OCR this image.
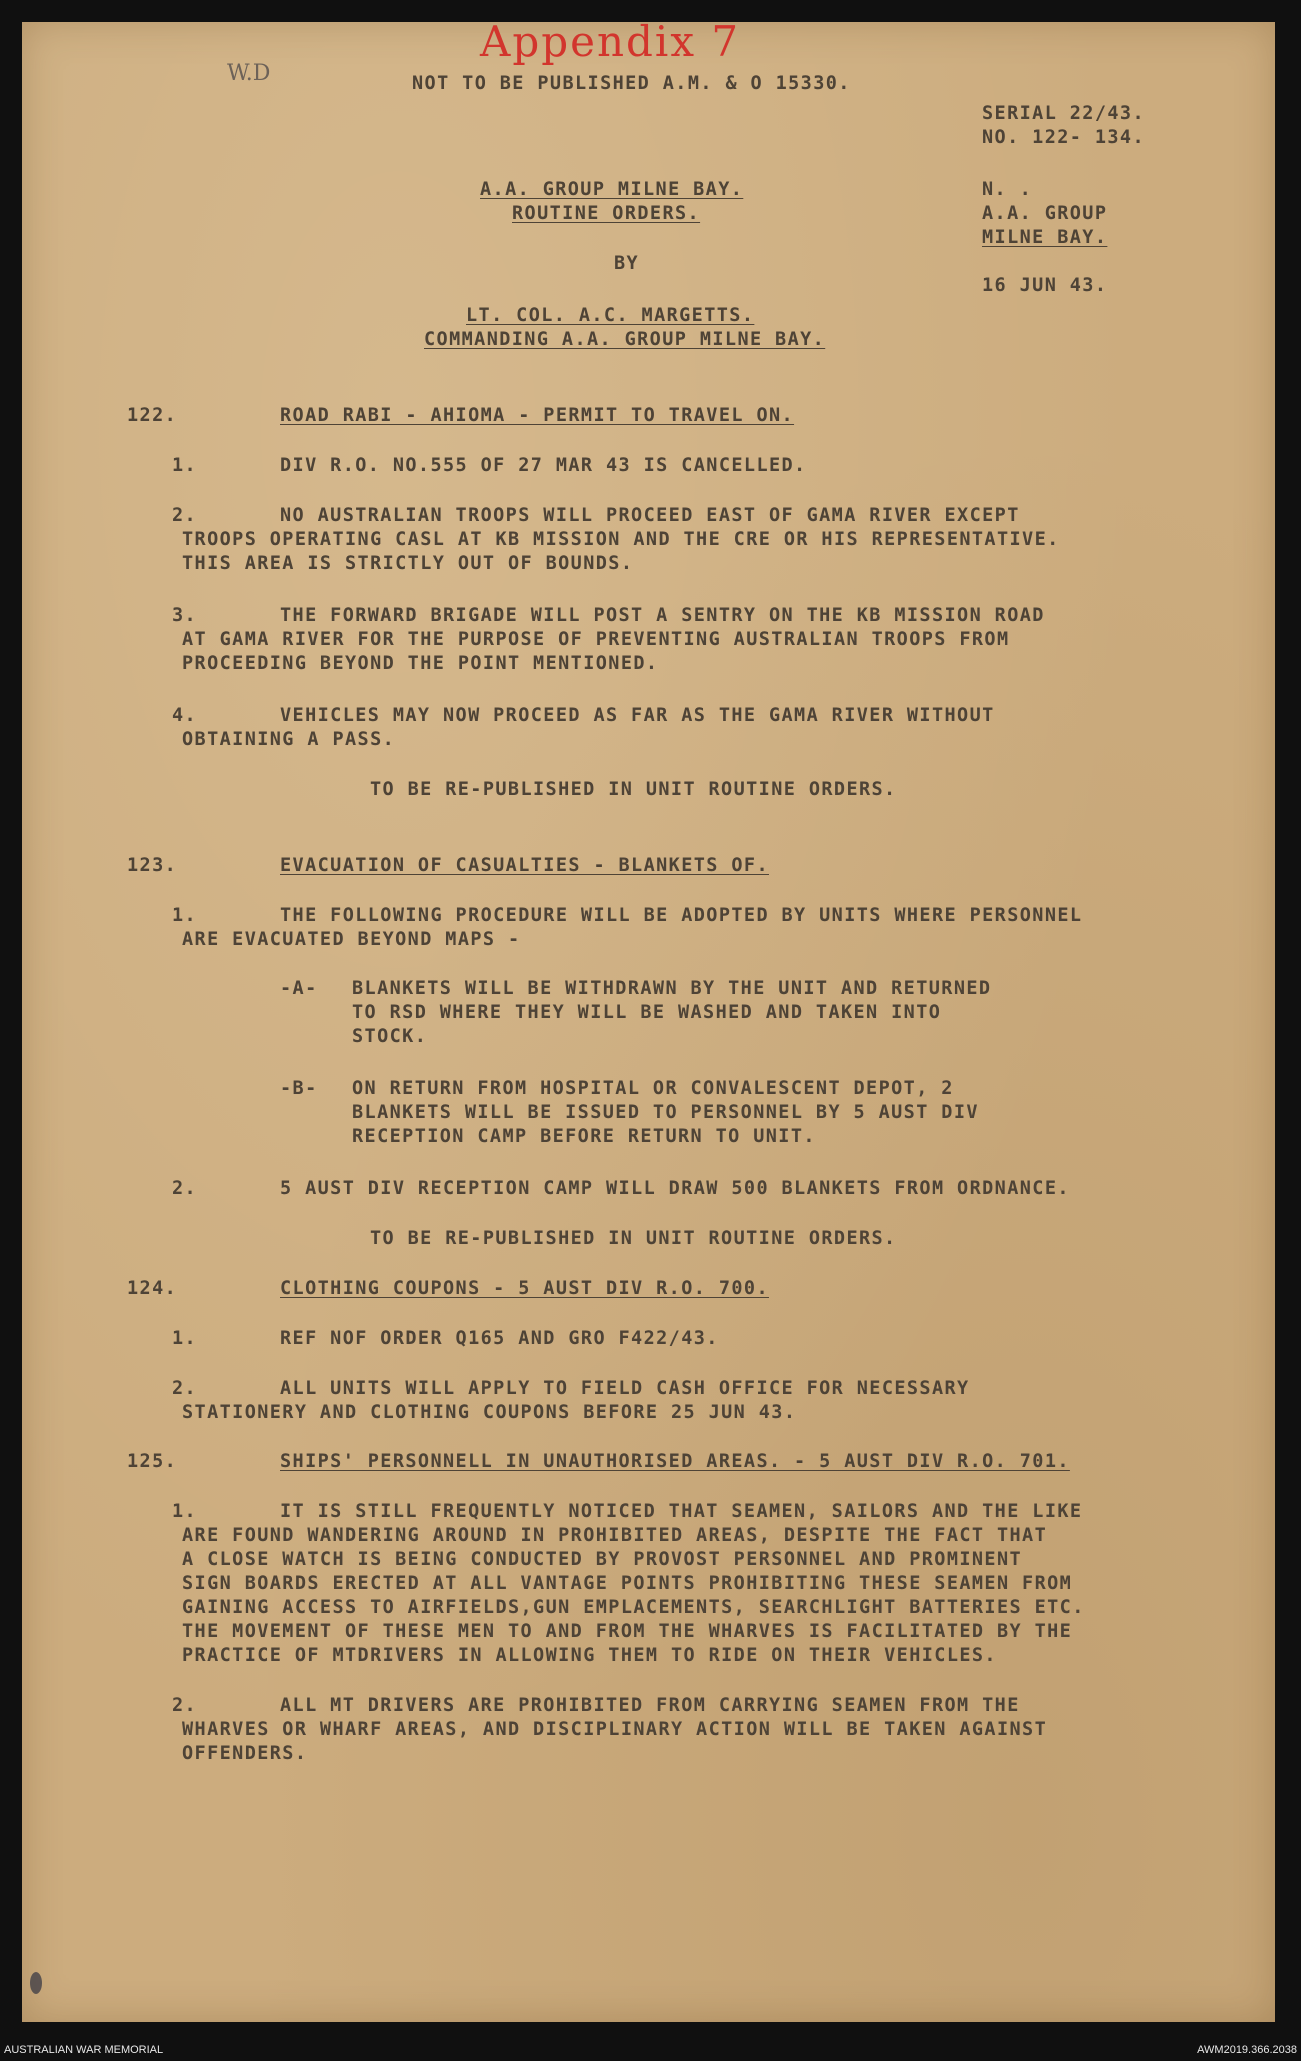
Appendix 7
W.D	NOT TO BE PUBLISHED A.M. & O 15330.
SERIAL 22/43.
NO. 122- 134.
A.A. GROUP MILNE BAY.
ROUTINE ORDERS.
N. .
A.A. GROUP
MILNE BAY.
16 JUN 43.
BY
LT. COL. A.C. MARGETTS.
COMMANDING A.A. GROUP MILNE BAY.
122.	ROAD RABI - AHIOMA - PERMIT TO TRAVEL ON.
1.	DIV R.O. NO.555 OF 27 MAR 43 IS CANCELLED.
2.	NO AUSTRALIAN TROOPS WILL PROCEED EAST OF GAMA RIVER EXCEPT
TROOPS OPERATING CASL AT KB MISSION AND THE CRE OR HIS REPRESENTATIVE.
THIS AREA IS STRICTLY OUT OF BOUNDS.
3.	THE FORWARD BRIGADE WILL POST A SENTRY ON THE KB MISSION ROAD
AT GAMA RIVER FOR THE PURPOSE OF PREVENTING AUSTRALIAN TROOPS FROM
PROCEEDING BEYOND THE POINT MENTIONED.
4.	VEHICLES MAY NOW PROCEED AS FAR AS THE GAMA RIVER WITHOUT
OBTAINING A PASS.
TO BE RE-PUBLISHED IN UNIT ROUTINE ORDERS.
123.	EVACUATION OF CASUALTIES - BLANKETS OF.
1.	THE FOLLOWING PROCEDURE WILL BE ADOPTED BY UNITS WHERE PERSONNEL
ARE EVACUATED BEYOND MAPS -
-A- BLANKETS WILL BE WITHDRAWN BY THE UNIT AND RETURNED
TO RSD WHERE THEY WILL BE WASHED AND TAKEN INTO
STOCK.
-B- ON RETURN FROM HOSPITAL OR CONVALESCENT DEPOT, 2
BLANKETS WILL BE ISSUED TO PERSONNEL BY 5 AUST DIV
RECEPTION CAMP BEFORE RETURN TO UNIT.
2.	5 AUST DIV RECEPTION CAMP WILL DRAW 500 BLANKETS FROM ORDNANCE.
TO BE RE-PUBLISHED IN UNIT ROUTINE ORDERS.
124.	CLOTHING COUPONS - 5 AUST DIV R.O. 700.
1.	REF NOF ORDER Q165 AND GRO F422/43.
2.	ALL UNITS WILL APPLY TO FIELD CASH OFFICE FOR NECESSARY
STATIONERY AND CLOTHING COUPONS BEFORE 25 JUN 43.
125.	SHIPS' PERSONNELL IN UNAUTHORISED AREAS. - 5 AUST DIV R.O. 701.
1.	IT IS STILL FREQUENTLY NOTICED THAT SEAMEN, SAILORS AND THE LIKE
ARE FOUND WANDERING AROUND IN PROHIBITED AREAS, DESPITE THE FACT THAT
A CLOSE WATCH IS BEING CONDUCTED BY PROVOST PERSONNEL AND PROMINENT
SIGN BOARDS ERECTED AT ALL VANTAGE POINTS PROHIBITING THESE SEAMEN FROM
GAINING ACCESS TO AIRFIELDS,GUN EMPLACEMENTS, SEARCHLIGHT BATTERIES ETC.
THE MOVEMENT OF THESE MEN TO AND FROM THE WHARVES IS FACILITATED BY THE
PRACTICE OF MTDRIVERS IN ALLOWING THEM TO RIDE ON THEIR VEHICLES.
2.	ALL MT DRIVERS ARE PROHIBITED FROM CARRYING SEAMEN FROM THE
WHARVES OR WHARF AREAS, AND DISCIPLINARY ACTION WILL BE TAKEN AGAINST
OFFENDERS.
AUSTRALIAN WAR MEMORIAL	AWM2019.366.2038
